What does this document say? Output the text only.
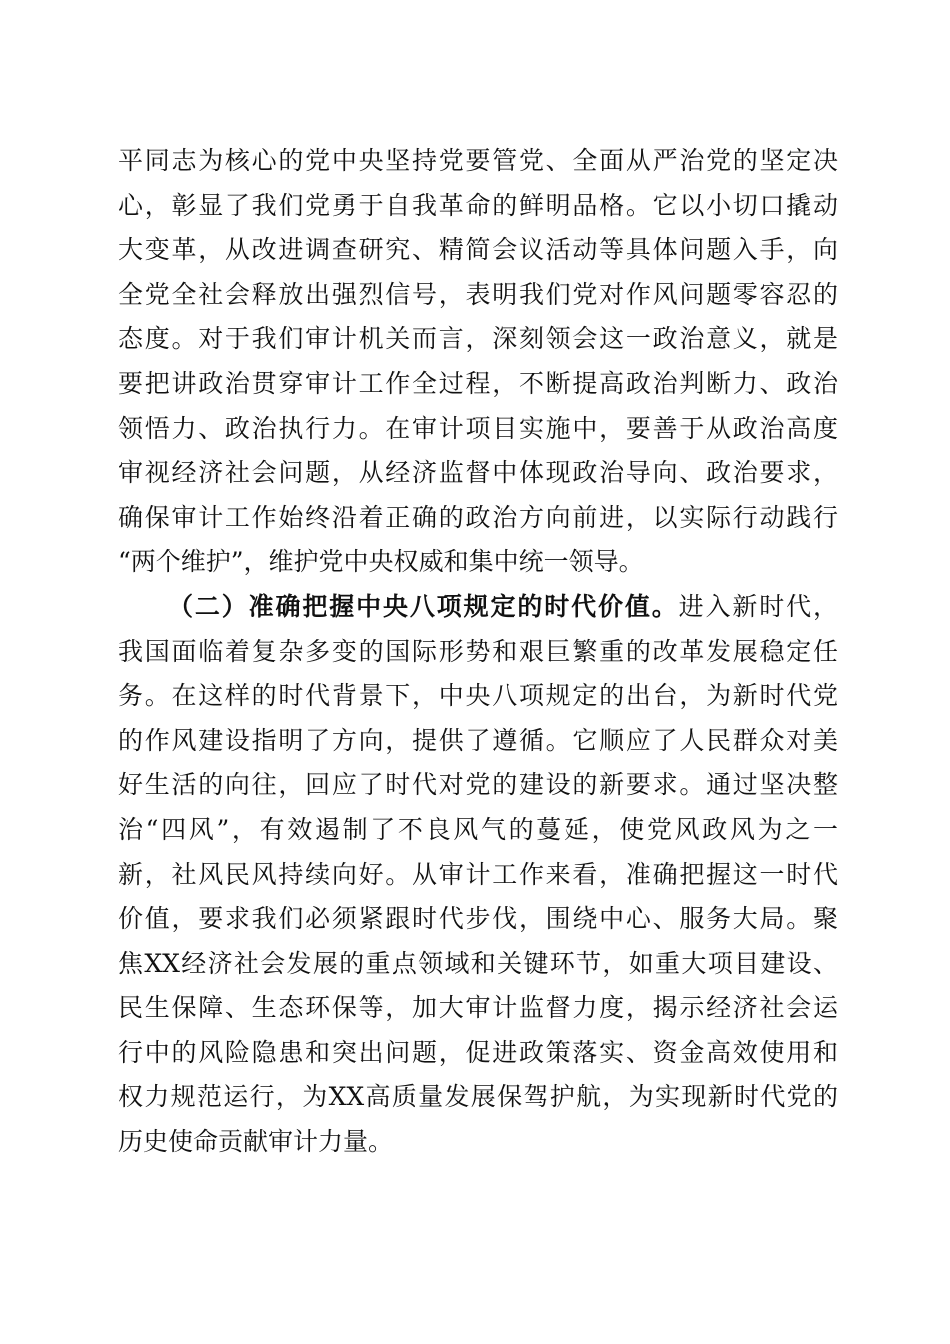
平同志为核心的党中央坚持党要管党、全面从严治党的坚定决
心，彰显了我们党勇于自我革命的鲜明品格。它以小切口撬动
大变革，从改进调查研究、精简会议活动等具体问题入手，向
全党全社会释放出强烈信号，表明我们党对作风问题零容忍的
态度。对于我们审计机关而言，深刻领会这一政治意义，就是
要把讲政治贯穿审计工作全过程，不断提高政治判断力、政治
领悟力、政治执行力。在审计项目实施中，要善于从政治高度
审视经济社会问题，从经济监督中体现政治导向、政治要求，
确保审计工作始终沿着正确的政治方向前进，以实际行动践行
“两个维护”，维护党中央权威和集中统一领导。
（二）准确把握中央八项规定的时代价值。进入新时代，
我国面临着复杂多变的国际形势和艰巨繁重的改革发展稳定任
务。在这样的时代背景下，中央八项规定的出台，为新时代党
的作风建设指明了方向，提供了遵循。它顺应了人民群众对美
好生活的向往，回应了时代对党的建设的新要求。通过坚决整
治“四风”，有效遏制了不良风气的蔓延，使党风政风为之一
新，社风民风持续向好。从审计工作来看，准确把握这一时代
价值，要求我们必须紧跟时代步伐，围绕中心、服务大局。聚
焦XX经济社会发展的重点领域和关键环节，如重大项目建设、
民生保障、生态环保等，加大审计监督力度，揭示经济社会运
行中的风险隐患和突出问题，促进政策落实、资金高效使用和
权力规范运行，为XX高质量发展保驾护航，为实现新时代党的
历史使命贡献审计力量。
